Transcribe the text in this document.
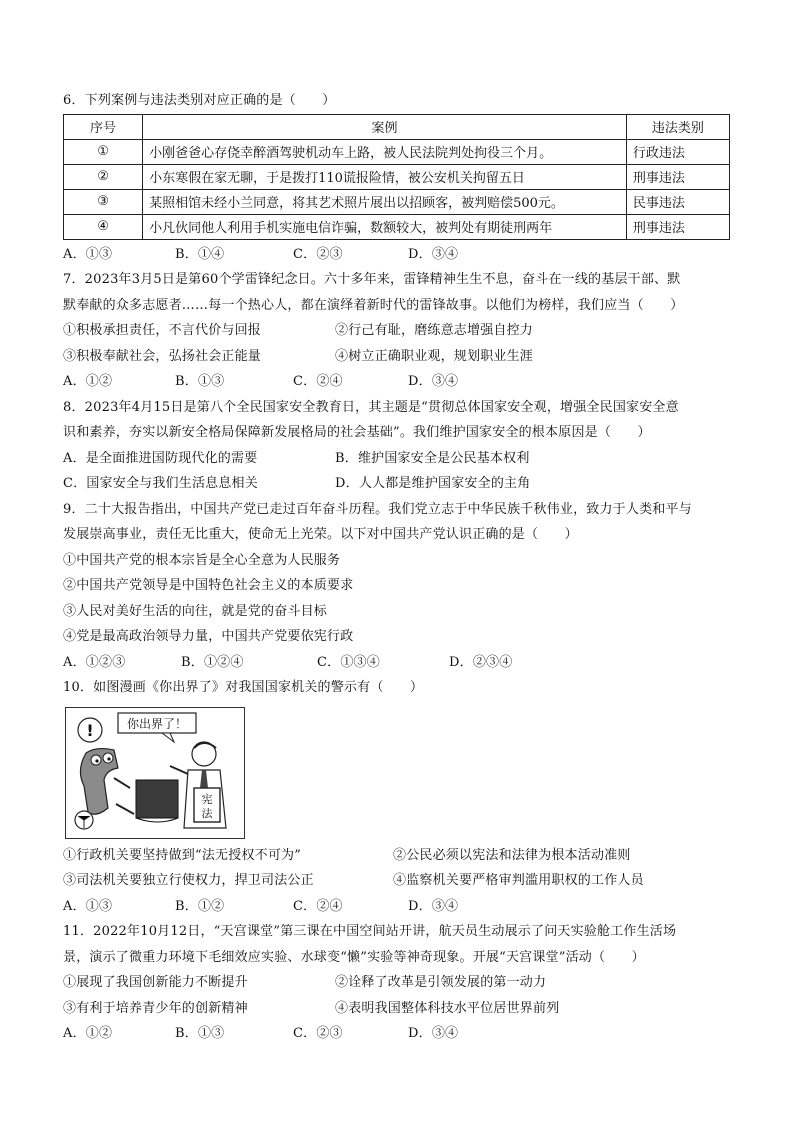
6．下列案例与违法类别对应正确的是（　　）
序号	案例	违法类别
①	小刚爸爸心存侥幸醉酒驾驶机动车上路，被人民法院判处拘役三个月。	行政违法
②	小东寒假在家无聊，于是拨打110谎报险情，被公安机关拘留五日	刑事违法
③	某照相馆未经小兰同意，将其艺术照片展出以招顾客，被判赔偿500元。	民事违法
④	小凡伙同他人利用手机实施电信诈骗，数额较大，被判处有期徒刑两年	刑事违法
A．①③	B．①④	C．②③	D．③④
7．2023年3月5日是第60个学雷锋纪念日。六十多年来，雷锋精神生生不息，奋斗在一线的基层干部、默
默奉献的众多志愿者……每一个热心人，都在演绎着新时代的雷锋故事。以他们为榜样，我们应当（　　）
①积极承担责任，不言代价与回报	②行己有耻，磨练意志增强自控力
③积极奉献社会，弘扬社会正能量	④树立正确职业观，规划职业生涯
A．①②	B．①③	C．②④	D．③④
8．2023年4月15日是第八个全民国家安全教育日，其主题是“贯彻总体国家安全观，增强全民国家安全意
识和素养，夯实以新安全格局保障新发展格局的社会基础”。我们维护国家安全的根本原因是（　　）
A．是全面推进国防现代化的需要	B．维护国家安全是公民基本权利
C．国家安全与我们生活息息相关	D．人人都是维护国家安全的主角
9．二十大报告指出，中国共产党已走过百年奋斗历程。我们党立志于中华民族千秋伟业，致力于人类和平与
发展崇高事业，责任无比重大，使命无上光荣。以下对中国共产党认识正确的是（　　）
①中国共产党的根本宗旨是全心全意为人民服务
②中国共产党领导是中国特色社会主义的本质要求
③人民对美好生活的向往，就是党的奋斗目标
④党是最高政治领导力量，中国共产党要依宪行政
A．①②③	B．①②④	C．①③④	D．②③④
10．如图漫画《你出界了》对我国国家机关的警示有（　　）
你出界了！
!
宪
法
①行政机关要坚持做到“法无授权不可为”	②公民必须以宪法和法律为根本活动准则
③司法机关要独立行使权力，捍卫司法公正	④监察机关要严格审判滥用职权的工作人员
A．①③	B．①②	C．②④	D．③④
11．2022年10月12日，“天宫课堂”第三课在中国空间站开讲，航天员生动展示了问天实验舱工作生活场
景，演示了微重力环境下毛细效应实验、水球变“懒”实验等神奇现象。开展“天宫课堂”活动（　　）
①展现了我国创新能力不断提升	②诠释了改革是引领发展的第一动力
③有利于培养青少年的创新精神	④表明我国整体科技水平位居世界前列
A．①②	B．①③	C．②③	D．③④
